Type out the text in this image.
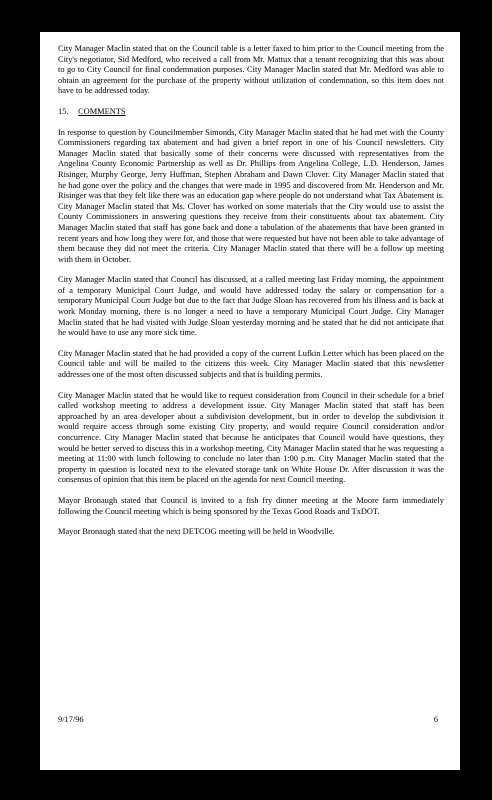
City Manager Maclin stated that on the Council table is a letter faxed to him prior to the Council meeting from the City's negotiator, Sid Medford, who received a call from Mr. Mattux that a tenant recognizing that this was about to go to City Council for final condemnation purposes. City Manager Maclin stated that Mr. Medford was able to obtain an agreement for the purchase of the property without utilization of condemnation, so this item does not have to be addressed today.

15. COMMENTS

In response to question by Councilmember Simonds, City Manager Maclin stated that he had met with the County Commissioners regarding tax abatement and had given a brief report in one of his Council newsletters. City Manager Maclin stated that basically some of their concerns were discussed with representatives from the Angelina County Economic Partnership as well as Dr. Phillips from Angelina College, L.D. Henderson, James Risinger, Murphy George, Jerry Huffman, Stephen Abraham and Dawn Clover. City Manager Maclin stated that he had gone over the policy and the changes that were made in 1995 and discovered from Mr. Henderson and Mr. Risinger was that they felt like there was an education gap where people do not understand what Tax Abatement is. City Manager Maclin stated that Ms. Clover has worked on some materials that the City would use to assist the County Commissioners in answering questions they receive from their constituents about tax abatement. City Manager Maclin stated that staff has gone back and done a tabulation of the abatements that have been granted in recent years and how long they were for, and those that were requested but have not been able to take advantage of them because they did not meet the criteria. City Manager Maclin stated that there will be a follow up meeting with them in October.

City Manager Maclin stated that Council has discussed, at a called meeting last Friday morning, the appointment of a temporary Municipal Court Judge, and would have addressed today the salary or compensation for a temporary Municipal Court Judge but due to the fact that Judge Sloan has recovered from his illness and is back at work Monday morning, there is no longer a need to have a temporary Municipal Court Judge. City Manager Maclin stated that he had visited with Judge Sloan yesterday morning and he stated that he did not anticipate that he would have to use any more sick time.

City Manager Maclin stated that he had provided a copy of the current Lufkin Letter which has been placed on the Council table and will be mailed to the citizens this week. City Manager Maclin stated that this newsletter addresses one of the most often discussed subjects and that is building permits.

City Manager Maclin stated that he would like to request consideration from Council in their schedule for a brief called workshop meeting to address a development issue. City Manager Maclin stated that staff has been approached by an area developer about a subdivision development, but in order to develop the subdivision it would require access through some existing City property, and would require Council consideration and/or concurrence. City Manager Maclin stated that because he anticipates that Council would have questions, they would be better served to discuss this in a workshop meeting. City Manager Maclin stated that he was requesting a meeting at 11:00 with lunch following to conclude no later than 1:00 p.m. City Manager Maclin stated that the property in question is located next to the elevated storage tank on White House Dr. After discussion it was the consensus of opinion that this item be placed on the agenda for next Council meeting.

Mayor Bronaugh stated that Council is invited to a fish fry dinner meeting at the Moore farm immediately following the Council meeting which is being sponsored by the Texas Good Roads and TxDOT.

Mayor Bronaugh stated that the next DETCOG meeting will be held in Woodville.

9/17/96	6
